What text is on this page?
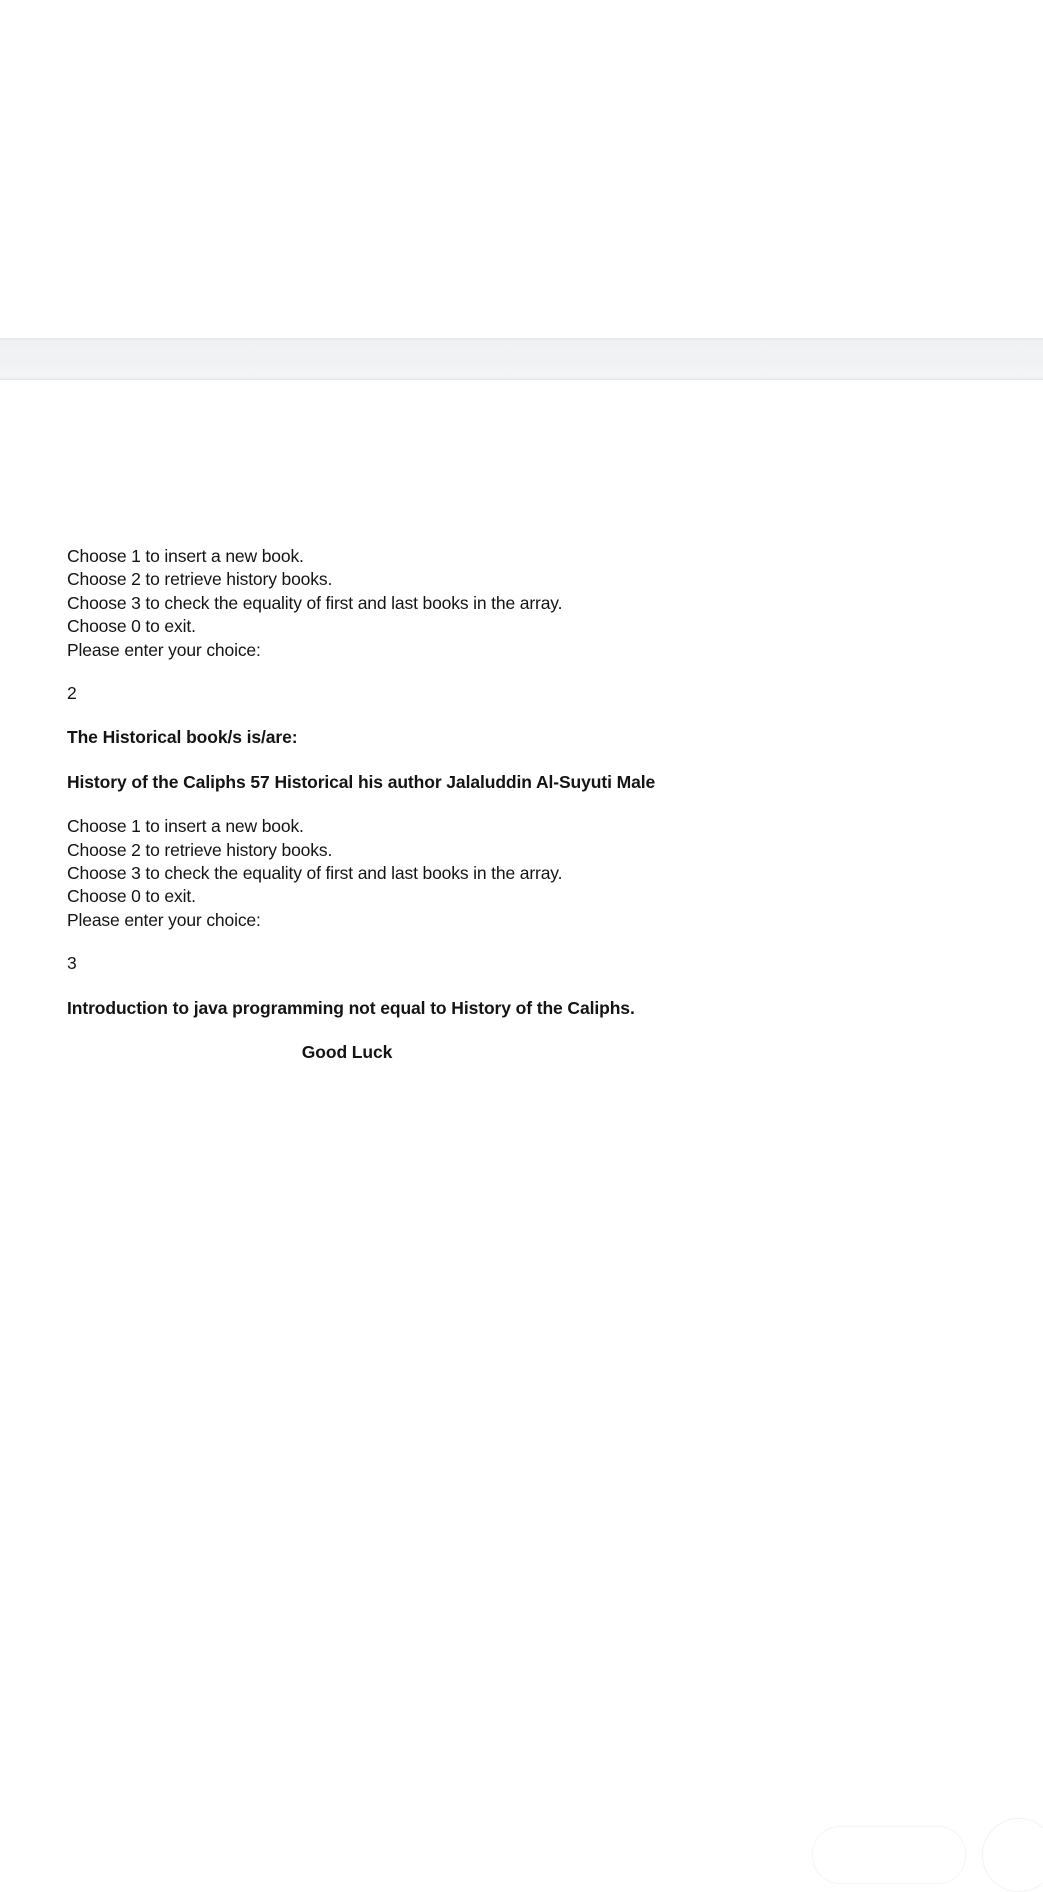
Choose 1 to insert a new book.
Choose 2 to retrieve history books.
Choose 3 to check the equality of first and last books in the array.
Choose 0 to exit.
Please enter your choice:
2
The Historical book/s is/are:
History of the Caliphs 57 Historical his author Jalaluddin Al-Suyuti Male
Choose 1 to insert a new book.
Choose 2 to retrieve history books.
Choose 3 to check the equality of first and last books in the array.
Choose 0 to exit.
Please enter your choice:
3
Introduction to java programming not equal to History of the Caliphs.
Good Luck
